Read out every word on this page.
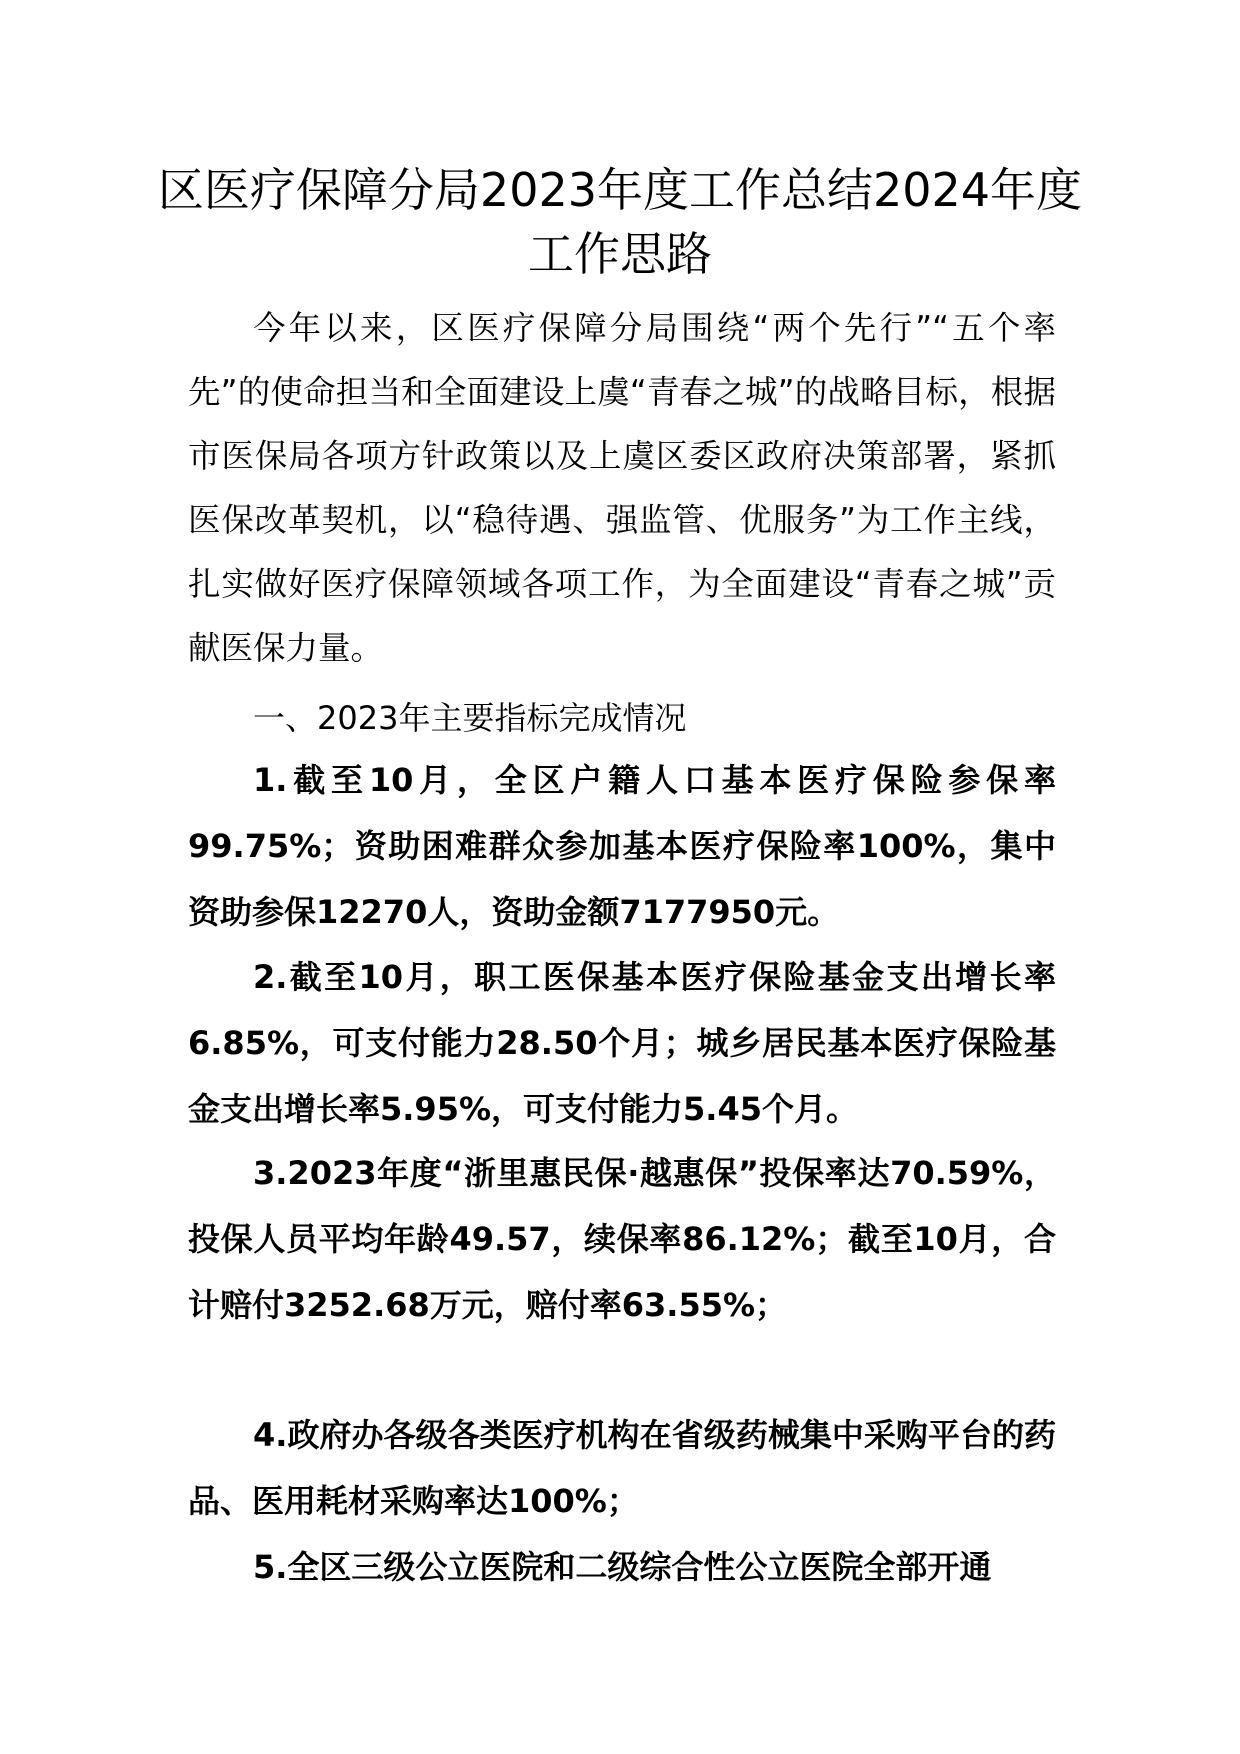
区医疗保障分局2023年度工作总结2024年度工作思路

今年以来，区医疗保障分局围绕“两个先行”“五个率先”的使命担当和全面建设上虞“青春之城”的战略目标，根据市医保局各项方针政策以及上虞区委区政府决策部署，紧抓医保改革契机，以“稳待遇、强监管、优服务”为工作主线，扎实做好医疗保障领域各项工作，为全面建设“青春之城”贡献医保力量。

一、2023年主要指标完成情况

1.截至10月，全区户籍人口基本医疗保险参保率99.75%；资助困难群众参加基本医疗保险率100%，集中资助参保12270人，资助金额7177950元。

2.截至10月，职工医保基本医疗保险基金支出增长率6.85%，可支付能力28.50个月；城乡居民基本医疗保险基金支出增长率5.95%，可支付能力5.45个月。

3.2023年度“浙里惠民保·越惠保”投保率达70.59%，投保人员平均年龄49.57，续保率86.12%；截至10月，合计赔付3252.68万元，赔付率63.55%；

4.政府办各级各类医疗机构在省级药械集中采购平台的药品、医用耗材采购率达100%；

5.全区三级公立医院和二级综合性公立医院全部开通
